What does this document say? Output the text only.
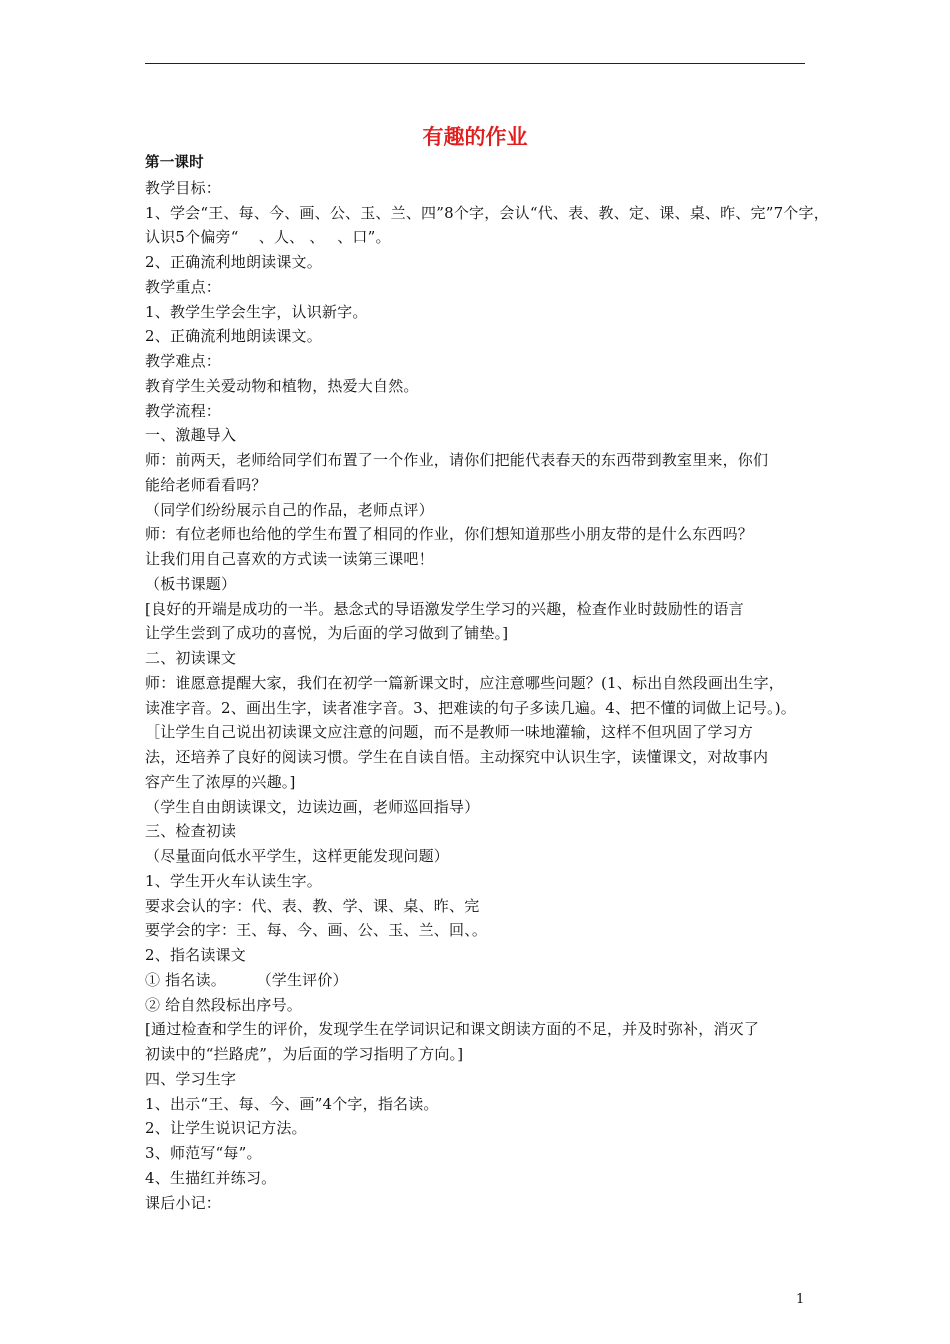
有趣的作业
第一课时
教学目标：
1、学会“王、每、今、画、公、玉、兰、四”8个字，会认“代、表、教、定、课、桌、昨、完”7个字，
认识5个偏旁“　 、人、 、　 、口”。
2、正确流利地朗读课文。
教学重点：
1、教学生学会生字，认识新字。
2、正确流利地朗读课文。
教学难点：
教育学生关爱动物和植物，热爱大自然。
教学流程：
一、激趣导入
师：前两天，老师给同学们布置了一个作业，请你们把能代表春天的东西带到教室里来，你们
能给老师看看吗？
（同学们纷纷展示自己的作品，老师点评）
师：有位老师也给他的学生布置了相同的作业，你们想知道那些小朋友带的是什么东西吗？
让我们用自己喜欢的方式读一读第三课吧！
（板书课题）
[良好的开端是成功的一半。悬念式的导语激发学生学习的兴趣，检查作业时鼓励性的语言
让学生尝到了成功的喜悦，为后面的学习做到了铺垫。]
二、初读课文
师：谁愿意提醒大家，我们在初学一篇新课文时，应注意哪些问题？(1、标出自然段画出生字，
读准字音。2、画出生字，读者准字音。3、把难读的句子多读几遍。4、把不懂的词做上记号。)。
［让学生自己说出初读课文应注意的问题，而不是教师一味地灌输，这样不但巩固了学习方
法，还培养了良好的阅读习惯。学生在自读自悟。主动探究中认识生字，读懂课文，对故事内
容产生了浓厚的兴趣。]
（学生自由朗读课文，边读边画，老师巡回指导）
三、检查初读
（尽量面向低水平学生，这样更能发现问题）
1、学生开火车认读生字。
要求会认的字：代、表、教、学、课、桌、昨、完
要学会的字：王、每、今、画、公、玉、兰、回、。
2、指名读课文
① 指名读。　　　（学生评价）
② 给自然段标出序号。
[通过检查和学生的评价，发现学生在学词识记和课文朗读方面的不足，并及时弥补，消灭了
初读中的“拦路虎”，为后面的学习指明了方向。]
四、学习生字
1、出示“王、每、今、画”4个字，指名读。
2、让学生说识记方法。
3、师范写“每”。
4、生描红并练习。
课后小记：
1
